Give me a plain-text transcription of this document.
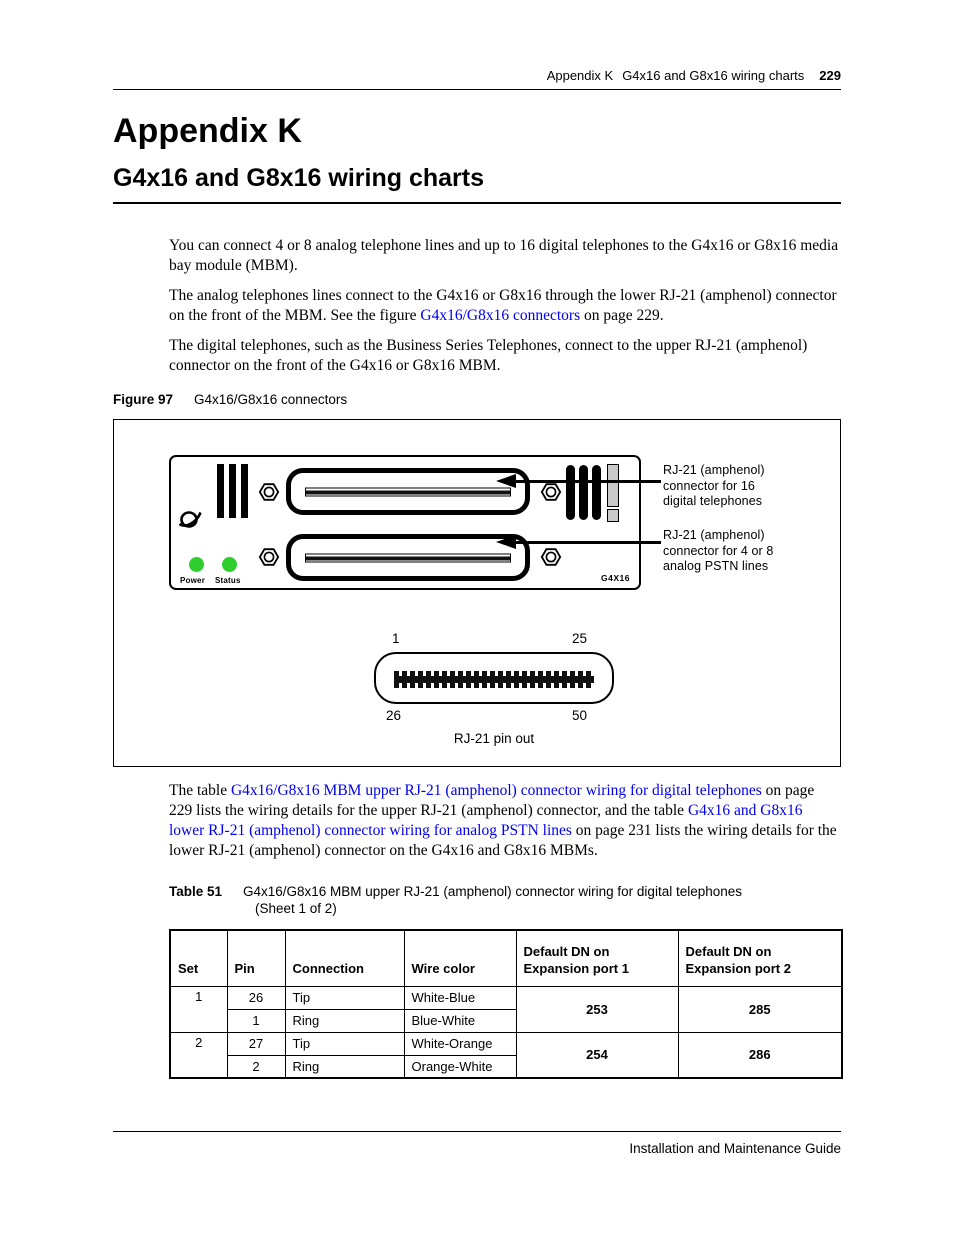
Appendix K G4x16 and G8x16 wiring charts 229
Appendix K
G4x16 and G8x16 wiring charts

You can connect 4 or 8 analog telephone lines and up to 16 digital telephones to the G4x16 or G8x16 media bay module (MBM).

The analog telephones lines connect to the G4x16 or G8x16 through the lower RJ-21 (amphenol) connector on the front of the MBM. See the figure G4x16/G8x16 connectors on page 229.

The digital telephones, such as the Business Series Telephones, connect to the upper RJ-21 (amphenol) connector on the front of the G4x16 or G8x16 MBM.

Figure 97	G4x16/G8x16 connectors
Power Status	G4X16
RJ-21 (amphenol)
connector for 16
digital telephones
RJ-21 (amphenol)
connector for 4 or 8
analog PSTN lines
1	25
26	50
RJ-21 pin out

The table G4x16/G8x16 MBM upper RJ-21 (amphenol) connector wiring for digital telephones on page 229 lists the wiring details for the upper RJ-21 (amphenol) connector, and the table G4x16 and G8x16 lower RJ-21 (amphenol) connector wiring for analog PSTN lines on page 231 lists the wiring details for the lower RJ-21 (amphenol) connector on the G4x16 and G8x16 MBMs.

Table 51	G4x16/G8x16 MBM upper RJ-21 (amphenol) connector wiring for digital telephones
(Sheet 1 of 2)
Set	Pin	Connection	Wire color	Default DN on Expansion port 1	Default DN on Expansion port 2
1	26	Tip	White-Blue	253	285
	1	Ring	Blue-White		
2	27	Tip	White-Orange	254	286
	2	Ring	Orange-White		
Installation and Maintenance Guide
